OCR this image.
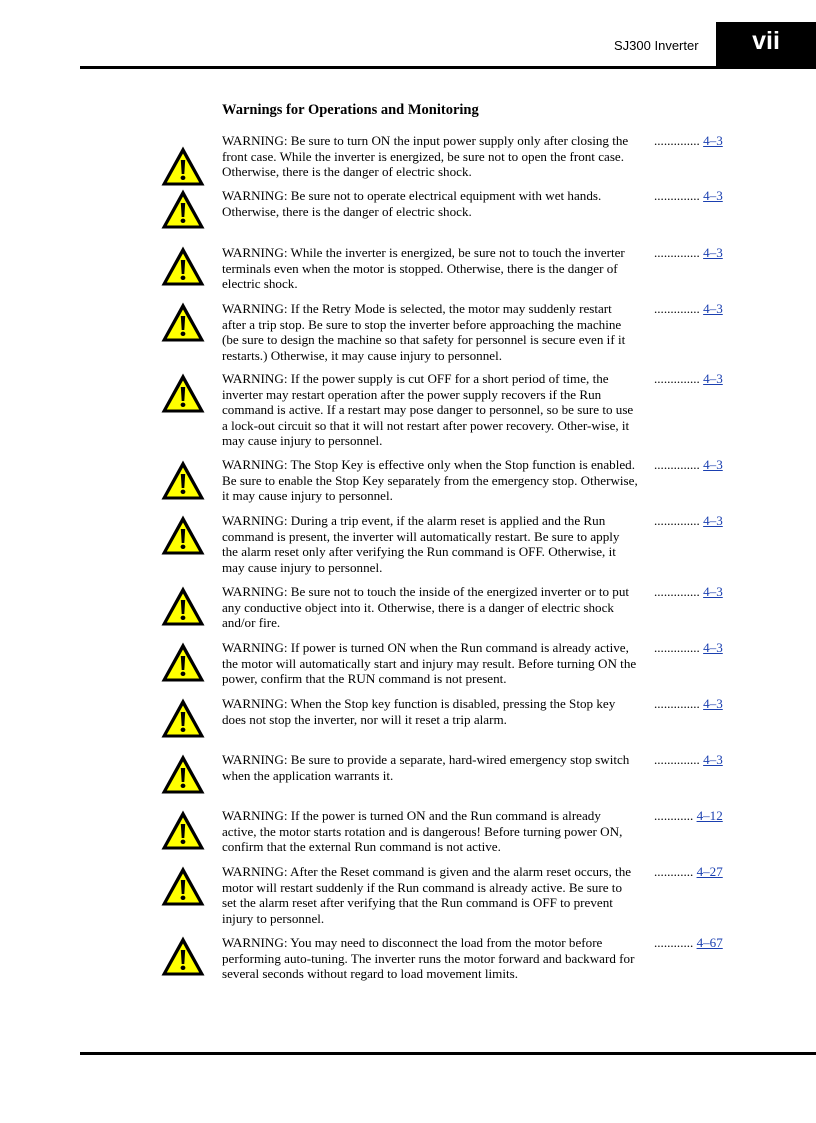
SJ300 Inverter vii
Warnings for Operations and Monitoring
WARNING: Be sure to turn ON the input power supply only after closing the front case. While the inverter is energized, be sure not to open the front case. Otherwise, there is the danger of electric shock.
.............. 4–3
WARNING: Be sure not to operate electrical equipment with wet hands. Otherwise, there is the danger of electric shock.
.............. 4–3
WARNING: While the inverter is energized, be sure not to touch the inverter terminals even when the motor is stopped. Otherwise, there is the danger of electric shock.
.............. 4–3
WARNING: If the Retry Mode is selected, the motor may suddenly restart after a trip stop. Be sure to stop the inverter before approaching the machine (be sure to design the machine so that safety for personnel is secure even if it restarts.) Otherwise, it may cause injury to personnel.
.............. 4–3
WARNING: If the power supply is cut OFF for a short period of time, the inverter may restart operation after the power supply recovers if the Run command is active. If a restart may pose danger to personnel, so be sure to use a lock-out circuit so that it will not restart after power recovery. Other-wise, it may cause injury to personnel.
.............. 4–3
WARNING: The Stop Key is effective only when the Stop function is enabled. Be sure to enable the Stop Key separately from the emergency stop. Otherwise, it may cause injury to personnel.
.............. 4–3
WARNING: During a trip event, if the alarm reset is applied and the Run command is present, the inverter will automatically restart. Be sure to apply the alarm reset only after verifying the Run command is OFF. Otherwise, it may cause injury to personnel.
.............. 4–3
WARNING: Be sure not to touch the inside of the energized inverter or to put any conductive object into it. Otherwise, there is a danger of electric shock and/or fire.
.............. 4–3
WARNING: If power is turned ON when the Run command is already active, the motor will automatically start and injury may result. Before turning ON the power, confirm that the RUN command is not present.
.............. 4–3
WARNING: When the Stop key function is disabled, pressing the Stop key does not stop the inverter, nor will it reset a trip alarm.
.............. 4–3
WARNING: Be sure to provide a separate, hard-wired emergency stop switch when the application warrants it.
.............. 4–3
WARNING: If the power is turned ON and the Run command is already active, the motor starts rotation and is dangerous! Before turning power ON, confirm that the external Run command is not active.
............ 4–12
WARNING: After the Reset command is given and the alarm reset occurs, the motor will restart suddenly if the Run command is already active. Be sure to set the alarm reset after verifying that the Run command is OFF to prevent injury to personnel.
............ 4–27
WARNING: You may need to disconnect the load from the motor before performing auto-tuning. The inverter runs the motor forward and backward for several seconds without regard to load movement limits.
............ 4–67
